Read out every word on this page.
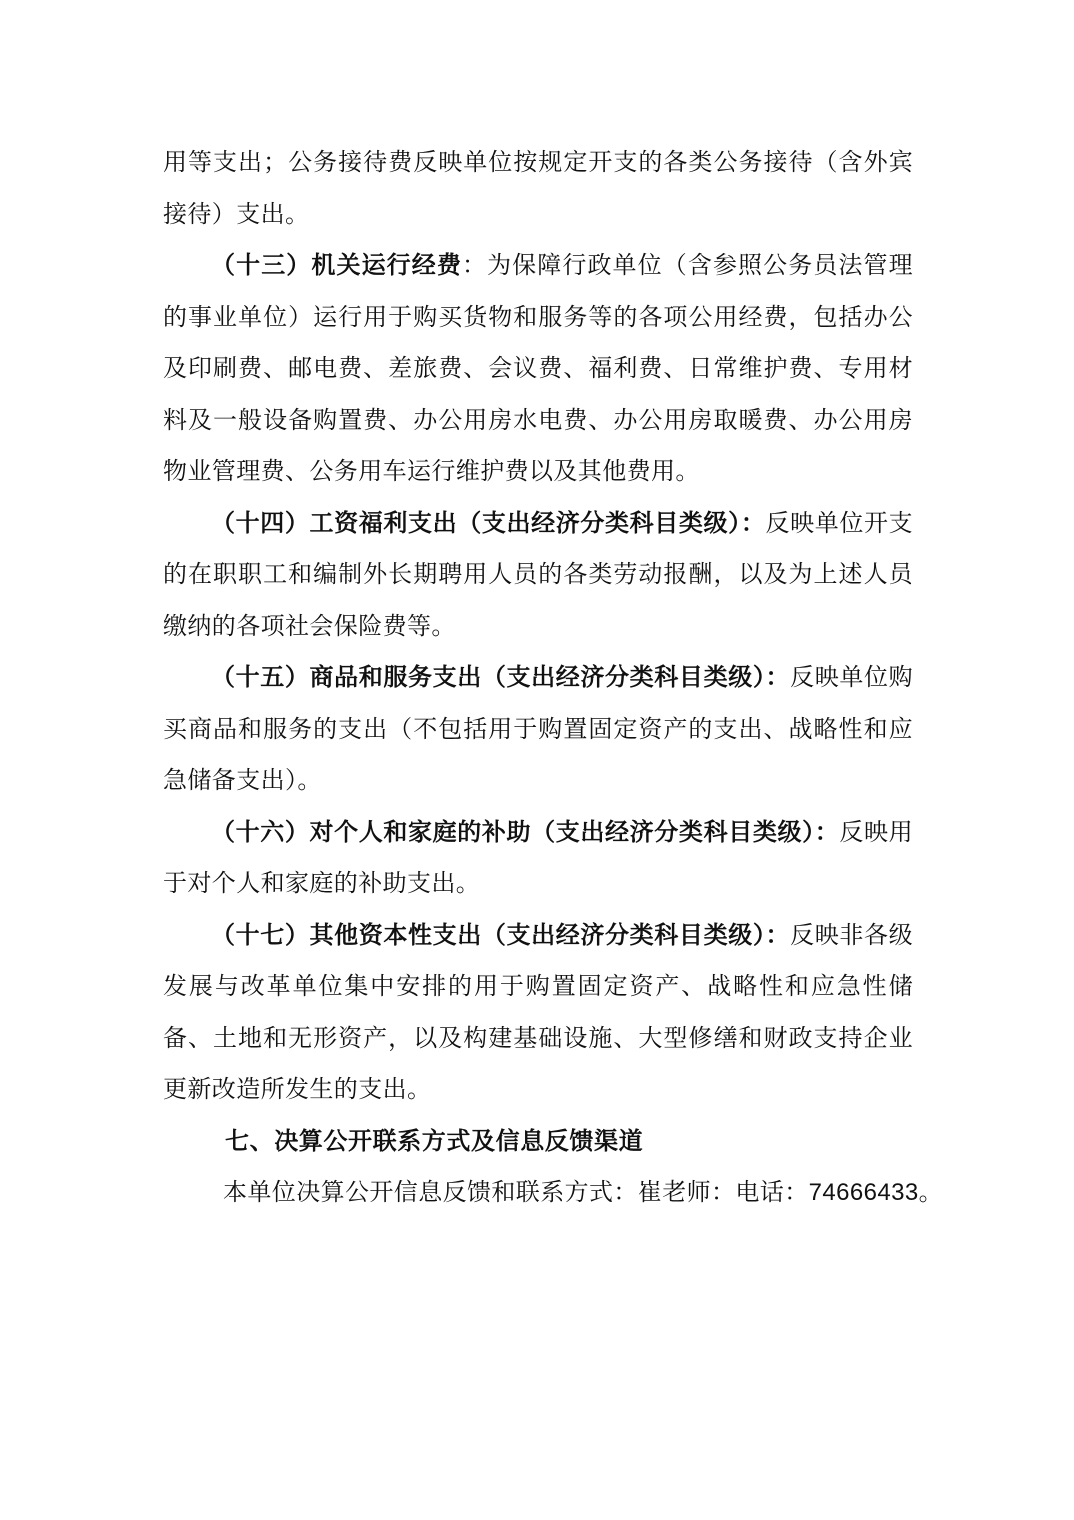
用等支出；公务接待费反映单位按规定开支的各类公务接待（含外宾接待）支出。

（十三）机关运行经费：为保障行政单位（含参照公务员法管理的事业单位）运行用于购买货物和服务等的各项公用经费，包括办公及印刷费、邮电费、差旅费、会议费、福利费、日常维护费、专用材料及一般设备购置费、办公用房水电费、办公用房取暖费、办公用房物业管理费、公务用车运行维护费以及其他费用。

（十四）工资福利支出（支出经济分类科目类级）：反映单位开支的在职职工和编制外长期聘用人员的各类劳动报酬，以及为上述人员缴纳的各项社会保险费等。

（十五）商品和服务支出（支出经济分类科目类级）：反映单位购买商品和服务的支出（不包括用于购置固定资产的支出、战略性和应急储备支出）。

（十六）对个人和家庭的补助（支出经济分类科目类级）：反映用于对个人和家庭的补助支出。

（十七）其他资本性支出（支出经济分类科目类级）：反映非各级发展与改革单位集中安排的用于购置固定资产、战略性和应急性储备、土地和无形资产，以及构建基础设施、大型修缮和财政支持企业更新改造所发生的支出。

七、决算公开联系方式及信息反馈渠道

本单位决算公开信息反馈和联系方式：崔老师：电话：74666433。
